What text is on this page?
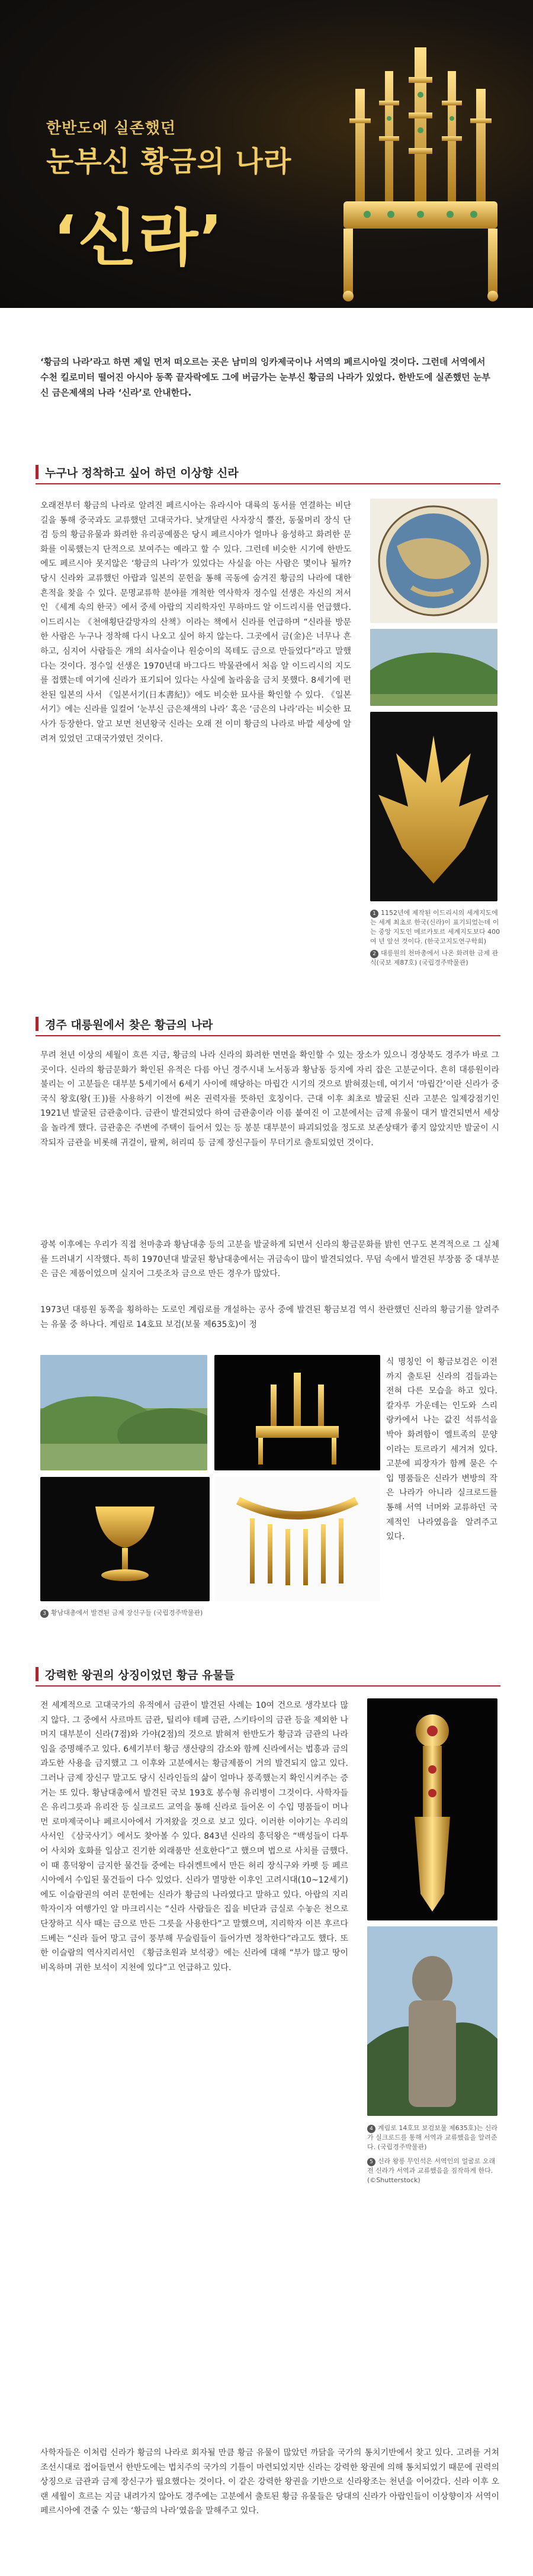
한반도에 실존했던
눈부신 황금의 나라
‘신라’

‘황금의 나라’라고 하면 제일 먼저 떠오르는 곳은 남미의 잉카제국이나 서역의 페르시아일 것이다. 그런데 서역에서 수천 킬로미터 떨어진 아시아 동쪽 끝자락에도 그에 버금가는 눈부신 황금의 나라가 있었다. 한반도에 실존했던 눈부신 금은제색의 나라 ‘신라’로 안내한다.

누구나 정착하고 싶어 하던 이상향 신라

오래전부터 황금의 나라로 알려진 페르시아는 유라시아 대륙의 동서를 연결하는 비단길을 통해 중국과도 교류했던 고대국가다. 낯개달린 사자장식 뿔잔, 동물머리 장식 단검 등의 황금유물과 화려한 유리공예품은 당시 페르시아가 얼마나 융성하고 화려한 문화를 이룩했는지 단적으로 보여주는 예라고 할 수 있다. 그런데 비슷한 시기에 한반도에도 페르시아 못지않은 ‘황금의 나라’가 있었다는 사실을 아는 사람은 몇이나 될까? 당시 신라와 교류했던 아랍과 일본의 문헌을 통해 곡동에 숨겨진 황금의 나라에 대한 흔적을 찾을 수 있다. 문명교류학 분야를 개척한 역사학자 정수일 선생은 자신의 저서인 《세계 속의 한국》에서 중세 아랍의 지리학자인 무하마드 알 이드리시를 언급했다. 이드리시는 《천애횡단갈망자의 산책》이라는 책에서 신라를 언급하며 “신라를 방문한 사람은 누구나 정착해 다시 나오고 싶어 하지 않는다. 그곳에서 금(金)은 너무나 흔하고, 심지어 사람들은 개의 쇠사슬이나 원숭이의 목테도 금으로 만들었다”라고 말했다는 것이다. 정수일 선생은 1970년대 바그다드 박물관에서 처음 알 이드리시의 지도를 접했는데 여기에 신라가 표기되어 있다는 사실에 놀라움을 금치 못했다. 8세기에 편찬된 일본의 사서 《일본서기(日本書紀)》에도 비슷한 묘사를 확인할 수 있다. 《일본서기》에는 신라를 일컬어 ‘눈부신 금은채색의 나라’ 혹은 ‘금은의 나라’라는 비슷한 묘사가 등장한다. 알고 보면 천년왕국 신라는 오래 전 이미 황금의 나라로 바깥 세상에 알려져 있었던 고대국가였던 것이다.

1 1152년에 제작된 이드리시의 세계지도에는 세계 최초로 한국(신라)이 표기되었는데 이는 중앙 지도인 메르카토르 세계지도보다 400여 년 앞선 것이다. (한국고지도연구학회)

2 대릉원의 천마총에서 나온 화려한 금제 관식(국보 제87호) (국립경주박물관)

경주 대릉원에서 찾은 황금의 나라

무려 천년 이상의 세월이 흐른 지금, 황금의 나라 신라의 화려한 면면을 확인할 수 있는 장소가 있으니 경상북도 경주가 바로 그곳이다. 신라의 황금문화가 확인된 유적은 다름 아닌 경주시내 노서동과 황남동 등지에 자리 잡은 고분군이다. 흔히 대릉원이라 불리는 이 고분들은 대부분 5세기에서 6세기 사이에 해당하는 마립간 시기의 것으로 밝혀졌는데, 여기서 ‘마립간’이란 신라가 중국식 왕호(왕(王))를 사용하기 이전에 써온 권력자를 뜻하던 호칭이다. 근대 이후 최초로 발굴된 신라 고분은 일제강점기인 1921년 발굴된 금관총이다. 금관이 발견되었다 하여 금관총이라 이름 붙여진 이 고분에서는 금제 유물이 대거 발견되면서 세상을 놀라게 했다. 금관총은 주변에 주택이 들어서 있는 등 봉분 대부분이 파괴되었을 정도로 보존상태가 좋지 않았지만 발굴이 시작되자 금관을 비롯해 귀걸이, 팔찌, 허리띠 등 금제 장신구들이 무더기로 출토되었던 것이다.

광복 이후에는 우리가 직접 천마총과 황남대총 등의 고분을 발굴하게 되면서 신라의 황금문화를 밝힌 연구도 본격적으로 그 실체를 드러내기 시작했다. 특히 1970년대 발굴된 황남대총에서는 귀금속이 많이 발견되었다. 무덤 속에서 발견된 부장품 중 대부분은 금은 제품이었으며 실지어 그릇조차 금으로 만든 경우가 많았다.

1973년 대릉원 동쪽을 횡하하는 도로인 계림로를 개설하는 공사 중에 발견된 황금보검 역시 찬란했던 신라의 황금기를 알려주는 유물 중 하나다. 계림로 14호묘 보검(보물 제635호)이 정

3 황남대총에서 발견된 금제 장신구들 (국립경주박물관)

식 명칭인 이 황금보검은 이전까지 출토된 신라의 검들과는 전혀 다른 모습을 하고 있다. 칼자루 가운데는 인도와 스리랑카에서 나는 값진 석류석을 박아 화려함이 엘트족의 문양이라는 토르라기 세겨져 있다. 고분에 피장자가 함께 묻은 수입 명품들은 신라가 변방의 작은 나라가 아니라 실크로드를 통해 서역 너머와 교류하던 국제적인 나라였음을 알려주고 있다.

강력한 왕권의 상징이었던 황금 유물들

전 세계적으로 고대국가의 유적에서 금관이 발견된 사례는 10여 건으로 생각보다 많지 않다. 그 중에서 사르마트 금관, 틸리야 테페 금관, 스키타이의 금관 등을 제외한 나머지 대부분이 신라(7점)와 가야(2점)의 것으로 밝혀져 한반도가 황금과 금관의 나라임을 증명해주고 있다. 6세기부터 황금 생산량의 감소와 함께 신라에서는 법흥과 금의 과도한 사용을 금지했고 그 이후와 고분에서는 황금제품이 거의 발견되지 않고 있다. 그러나 금제 장신구 말고도 당시 신라인들의 삶이 얼마나 풍족했는지 확인시켜주는 증거는 또 있다. 황남대총에서 발견된 국보 193호 봉수형 유리병이 그것이다. 사학자들은 유리그릇과 유리잔 등 실크로드 교역을 통해 신라로 들어온 이 수입 명품들이 머나먼 로마제국이나 페르시아에서 가져왔을 것으로 보고 있다. 이러한 이야기는 우리의 사서인 《삼국사기》에서도 찾아볼 수 있다. 843년 신라의 흥덕왕은 “백성들이 다투어 사치와 호화를 일삼고 진기한 외래품만 선호한다”고 했으며 법으로 사치를 금했다. 이 때 흥덕왕이 금지한 물건들 중에는 타쉬켄트에서 만든 허리 장식구와 카펫 등 페르시아에서 수입된 물건들이 다수 있었다. 신라가 멸망한 이후인 고려시대(10~12세기)에도 이슬람권의 여러 문헌에는 신라가 황금의 나라였다고 말하고 있다. 아랍의 지리학자이자 여행가인 알 마크리시는 “신라 사람들은 집을 비단과 금실로 수놓은 천으로 단장하고 식사 때는 금으로 만든 그릇을 사용한다”고 말했으며, 지리학자 이븐 후르다드베는 “신라 들어 망고 금이 풍부해 무슬림들이 들어가면 정착한다”라고도 했다. 또한 이슬람의 역사지리서인 《황금초원과 보석광》에는 신라에 대해 “부가 많고 땅이 비옥하며 귀한 보석이 지천에 있다”고 언급하고 있다.

4 계림로 14호묘 보검보물 제635호)는 신라가 실크로드를 통해 서역과 교류했음을 알려준다. (국립경주박물관)

5 신라 왕릉 무인석은 서역인의 얼굴로 오래전 신라가 서역과 교류했음을 짐작하게 한다. (©Shutterstock)

사학자들은 이처럼 신라가 황금의 나라로 회자될 만큼 황금 유물이 많았던 까닭을 국가의 통치기반에서 찾고 있다. 고려를 거쳐 조선시대로 접어들면서 한반도에는 법치주의 국가의 기틀이 마련되었지만 신라는 강력한 왕권에 의해 통치되었기 때문에 권력의 상징으로 금관과 금제 장신구가 필요했다는 것이다. 이 같은 강력한 왕권을 기반으로 신라왕조는 천년을 이어갔다. 신라 이후 오랜 세월이 흐르는 지금 내려가지 않아도 경주에는 고분에서 출토된 황금 유물들은 당대의 신라가 아랍인들이 이상향이자 서역이 페르시아에 견줄 수 있는 ‘황금의 나라’였음을 말해주고 있다.
